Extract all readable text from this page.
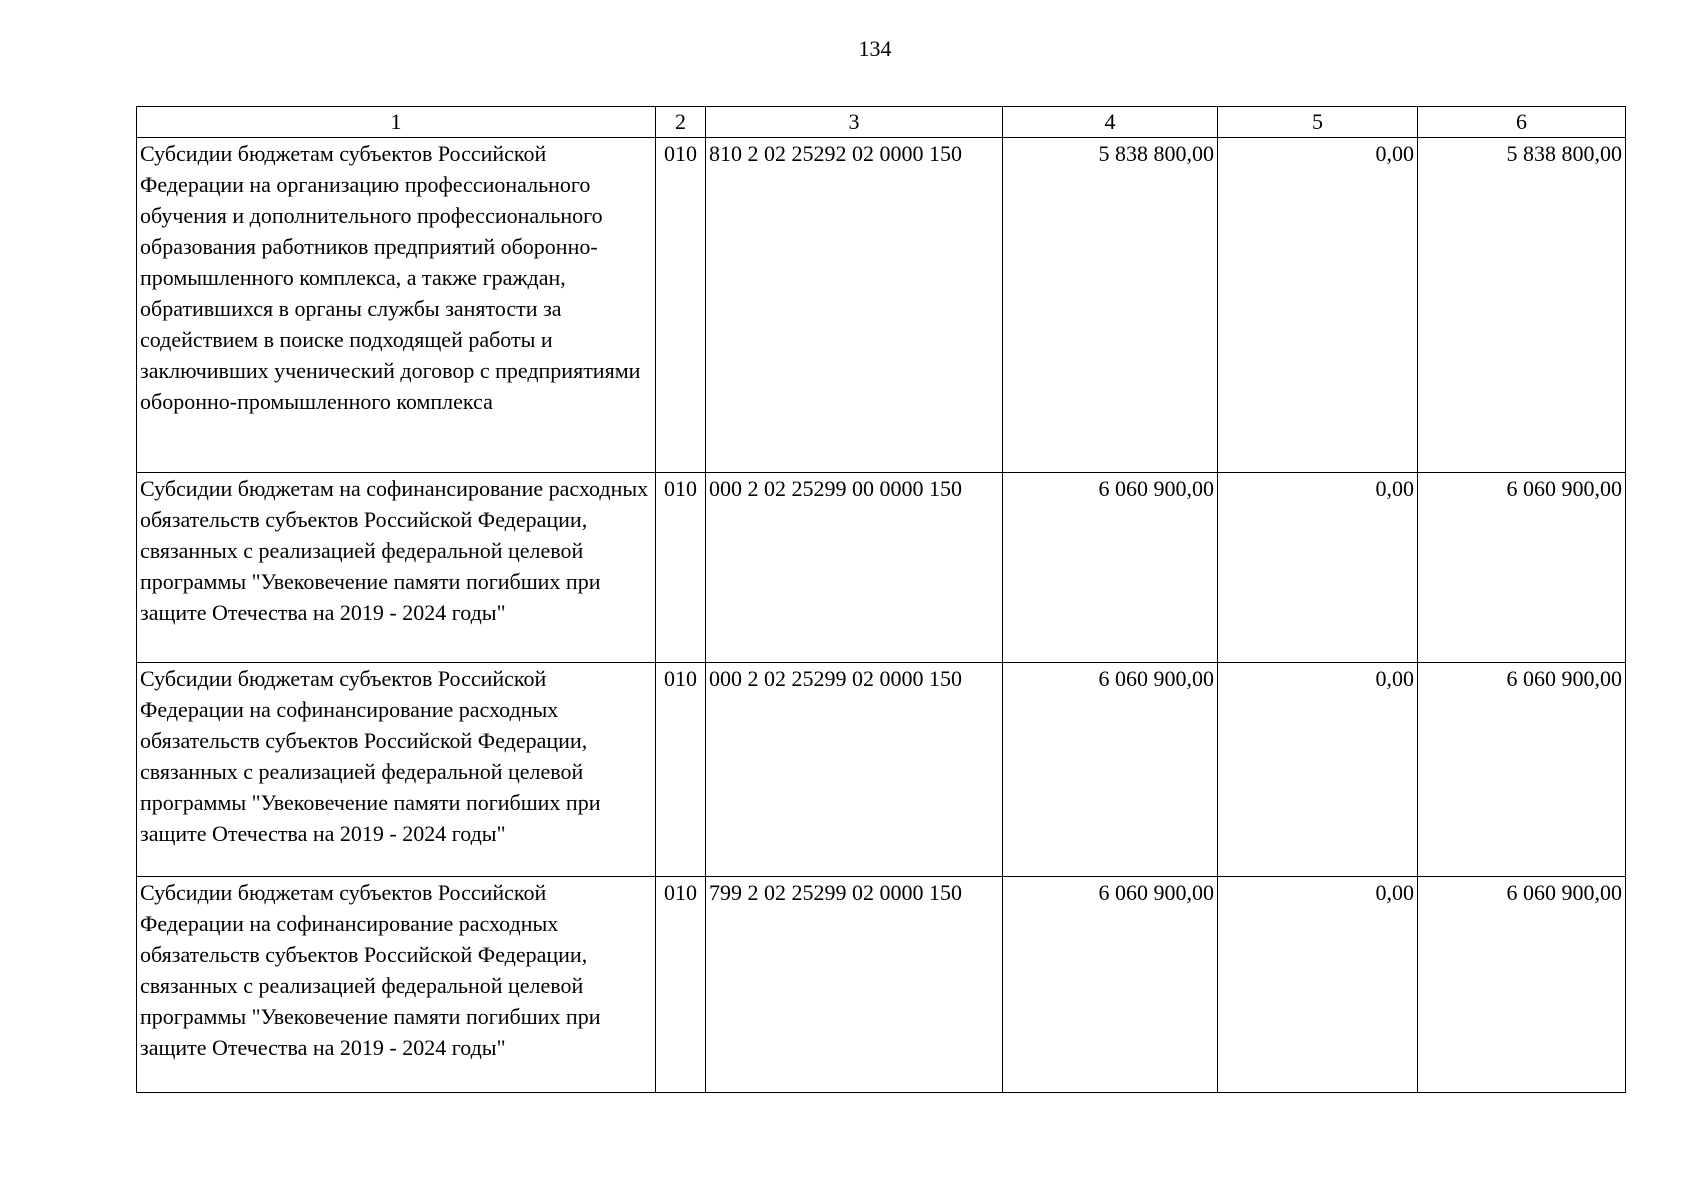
134
1	2	3	4	5	6
Субсидии бюджетам субъектов Российской Федерации на организацию профессионального обучения и дополнительного профессионального образования работников предприятий оборонно-промышленного комплекса, а также граждан, обратившихся в органы службы занятости за содействием в поиске подходящей работы и заключивших ученический договор с предприятиями оборонно-промышленного комплекса	010	810 2 02 25292 02 0000 150	5 838 800,00	0,00	5 838 800,00
Субсидии бюджетам на софинансирование расходных обязательств субъектов Российской Федерации, связанных с реализацией федеральной целевой программы "Увековечение памяти погибших при защите Отечества на 2019 - 2024 годы"	010	000 2 02 25299 00 0000 150	6 060 900,00	0,00	6 060 900,00
Субсидии бюджетам субъектов Российской Федерации на софинансирование расходных обязательств субъектов Российской Федерации, связанных с реализацией федеральной целевой программы "Увековечение памяти погибших при защите Отечества на 2019 - 2024 годы"	010	000 2 02 25299 02 0000 150	6 060 900,00	0,00	6 060 900,00
Субсидии бюджетам субъектов Российской Федерации на софинансирование расходных обязательств субъектов Российской Федерации, связанных с реализацией федеральной целевой программы "Увековечение памяти погибших при защите Отечества на 2019 - 2024 годы"	010	799 2 02 25299 02 0000 150	6 060 900,00	0,00	6 060 900,00
